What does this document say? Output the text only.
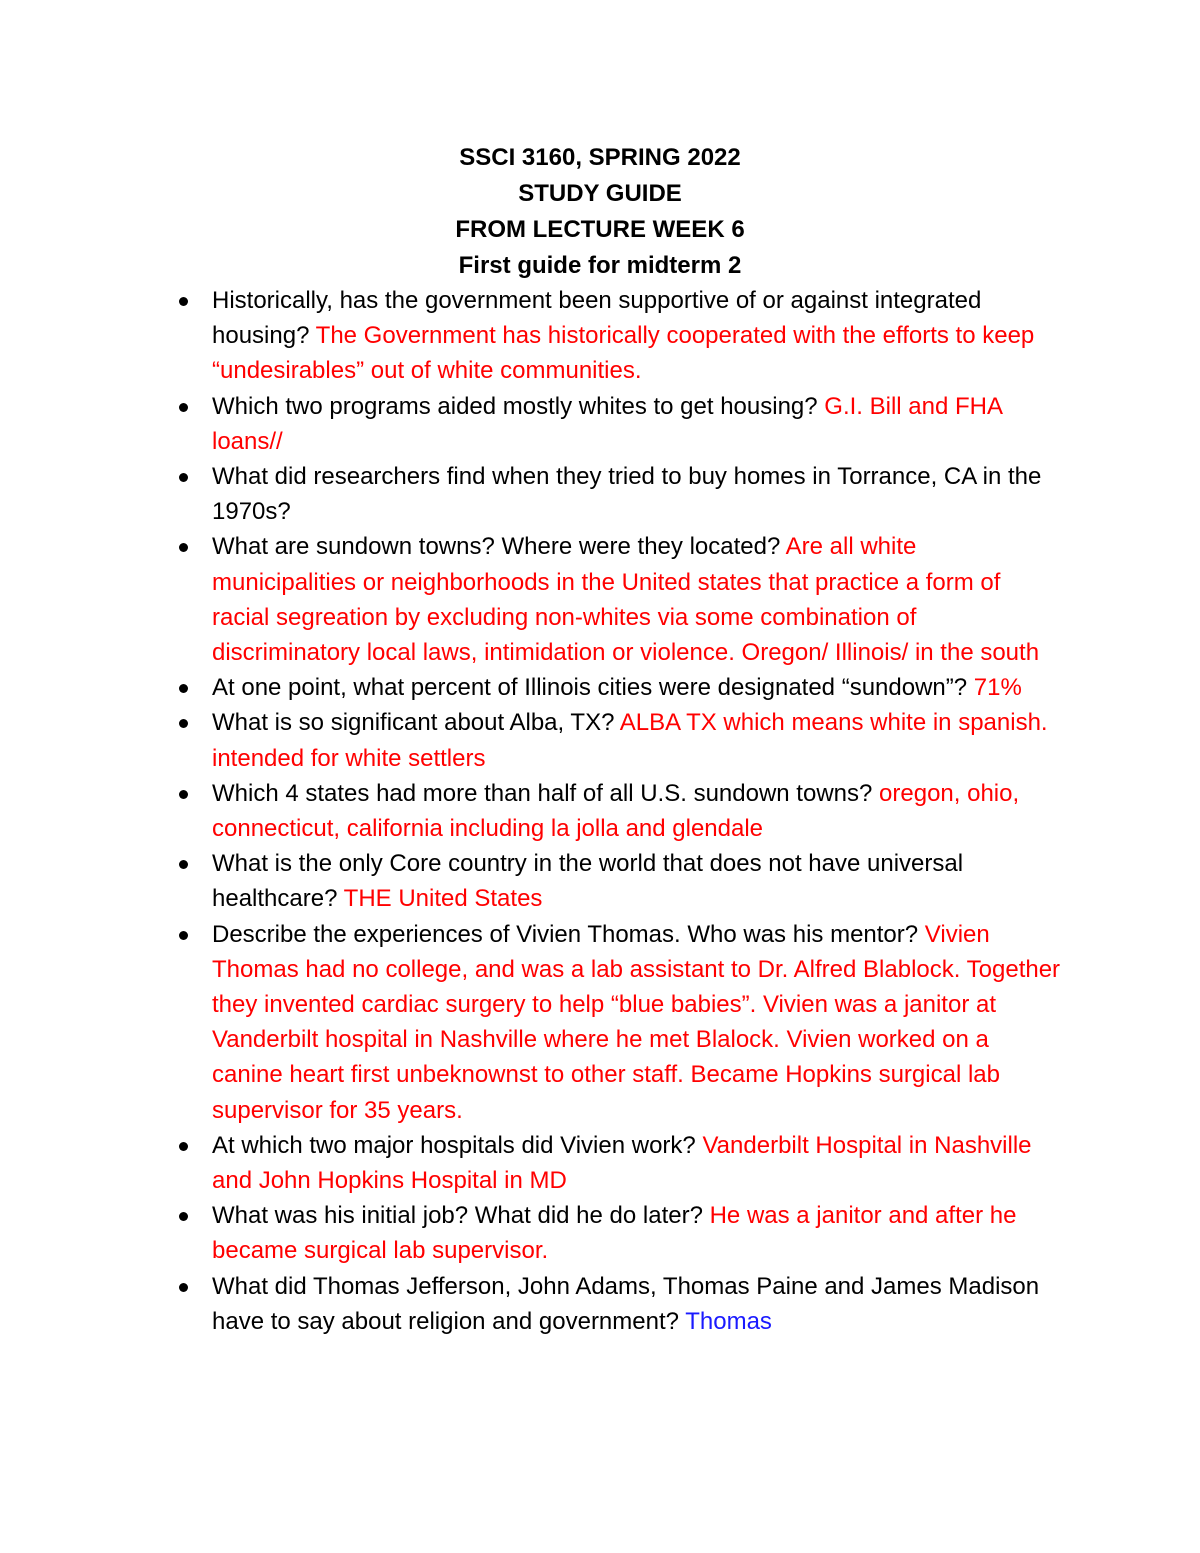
SSCI 3160, SPRING 2022
STUDY GUIDE
FROM LECTURE WEEK 6
First guide for midterm 2
Historically, has the government been supportive of or against integrated housing? The Government has historically cooperated with the efforts to keep “undesirables” out of white communities.
Which two programs aided mostly whites to get housing? G.I. Bill and FHA loans//
What did researchers find when they tried to buy homes in Torrance, CA in the 1970s?
What are sundown towns? Where were they located? Are all white municipalities or neighborhoods in the United states that practice a form of racial segreation by excluding non-whites via some combination of discriminatory local laws, intimidation or violence. Oregon/ Illinois/ in the south
At one point, what percent of Illinois cities were designated “sundown”? 71%
What is so significant about Alba, TX? ALBA TX which means white in spanish. intended for white settlers
Which 4 states had more than half of all U.S. sundown towns? oregon, ohio, connecticut, california including la jolla and glendale
What is the only Core country in the world that does not have universal healthcare? THE United States
Describe the experiences of Vivien Thomas. Who was his mentor? Vivien Thomas had no college, and was a lab assistant to Dr. Alfred Blablock. Together they invented cardiac surgery to help “blue babies”. Vivien was a janitor at Vanderbilt hospital in Nashville where he met Blalock. Vivien worked on a canine heart first unbeknownst to other staff. Became Hopkins surgical lab supervisor for 35 years.
At which two major hospitals did Vivien work? Vanderbilt Hospital in Nashville and John Hopkins Hospital in MD
What was his initial job? What did he do later? He was a janitor and after he became surgical lab supervisor.
What did Thomas Jefferson, John Adams, Thomas Paine and James Madison have to say about religion and government? Thomas
